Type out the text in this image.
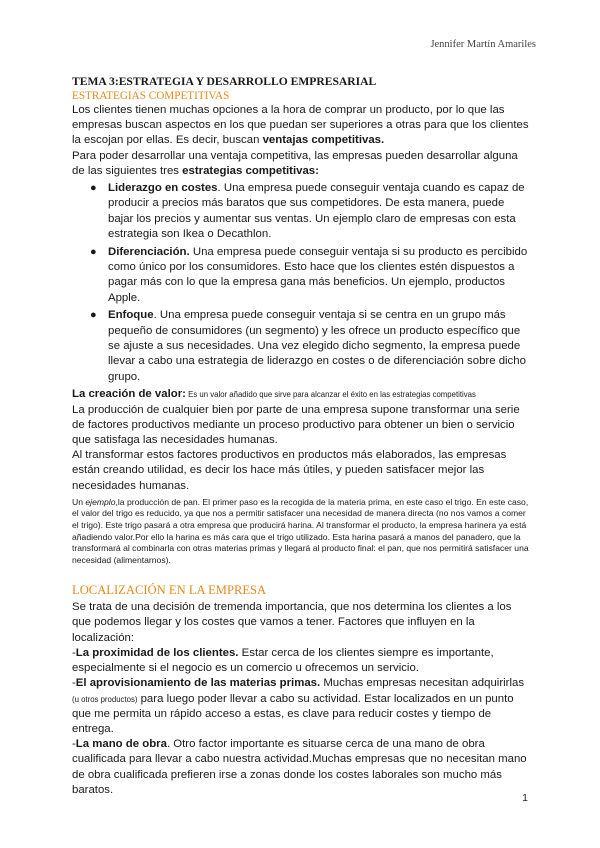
Jennifer Martín Amariles
TEMA 3:ESTRATEGIA Y DESARROLLO EMPRESARIAL
ESTRATEGIAS COMPETITIVAS

Los clientes tienen muchas opciones a la hora de comprar un producto, por lo que las empresas buscan aspectos en los que puedan ser superiores a otras para que los clientes la escojan por ellas. Es decir, buscan ventajas competitivas.

Para poder desarrollar una ventaja competitiva, las empresas pueden desarrollar alguna de las siguientes tres estrategias competitivas:

● Liderazgo en costes. Una empresa puede conseguir ventaja cuando es capaz de producir a precios más baratos que sus competidores. De esta manera, puede bajar los precios y aumentar sus ventas. Un ejemplo claro de empresas con esta estrategia son Ikea o Decathlon.
● Diferenciación. Una empresa puede conseguir ventaja si su producto es percibido como único por los consumidores. Esto hace que los clientes estén dispuestos a pagar más con lo que la empresa gana más beneficios. Un ejemplo, productos Apple.
● Enfoque. Una empresa puede conseguir ventaja si se centra en un grupo más pequeño de consumidores (un segmento) y les ofrece un producto específico que se ajuste a sus necesidades. Una vez elegido dicho segmento, la empresa puede llevar a cabo una estrategia de liderazgo en costes o de diferenciación sobre dicho grupo.

La creación de valor: Es un valor añadido que sirve para alcanzar el éxito en las estrategias competitivas

La producción de cualquier bien por parte de una empresa supone transformar una serie de factores productivos mediante un proceso productivo para obtener un bien o servicio que satisfaga las necesidades humanas.

Al transformar estos factores productivos en productos más elaborados, las empresas están creando utilidad, es decir los hace más útiles, y pueden satisfacer mejor las necesidades humanas.

Un ejemplo,la producción de pan. El primer paso es la recogida de la materia prima, en este caso el trigo. En este caso, el valor del trigo es reducido, ya que nos a permitir satisfacer una necesidad de manera directa (no nos vamos a comer el trigo). Este trigo pasará a otra empresa que producirá harina. Al transformar el producto, la empresa harinera ya está añadiendo valor.Por ello la harina es más cara que el trigo utilizado. Esta harina pasará a manos del panadero, que la transformará al combinarla con otras materias primas y llegará al producto final: el pan, que nos permitirá satisfacer una necesidad (alimentarnos).

LOCALIZACIÓN EN LA EMPRESA

Se trata de una decisión de tremenda importancia, que nos determina los clientes a los que podemos llegar y los costes que vamos a tener. Factores que influyen en la localización:

-La proximidad de los clientes. Estar cerca de los clientes siempre es importante, especialmente si el negocio es un comercio u ofrecemos un servicio.

-El aprovisionamiento de las materias primas. Muchas empresas necesitan adquirirlas (u otros productos) para luego poder llevar a cabo su actividad. Estar localizados en un punto que me permita un rápido acceso a estas, es clave para reducir costes y tiempo de entrega.

-La mano de obra. Otro factor importante es situarse cerca de una mano de obra cualificada para llevar a cabo nuestra actividad.Muchas empresas que no necesitan mano de obra cualificada prefieren irse a zonas donde los costes laborales son mucho más baratos.

1
